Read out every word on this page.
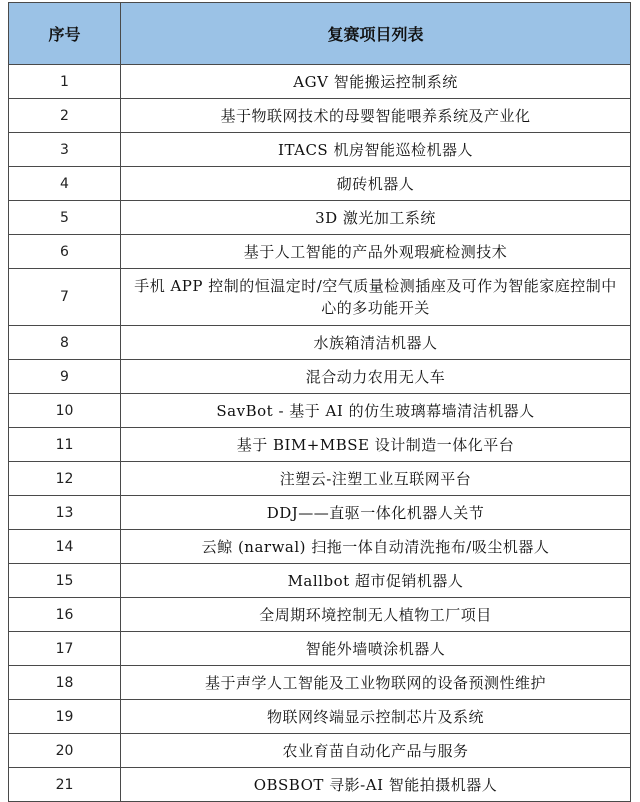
序号	复赛项目列表
1	AGV 智能搬运控制系统
2	基于物联网技术的母婴智能喂养系统及产业化
3	ITACS 机房智能巡检机器人
4	砌砖机器人
5	3D 激光加工系统
6	基于人工智能的产品外观瑕疵检测技术
7	手机 APP 控制的恒温定时/空气质量检测插座及可作为智能家庭控制中心的多功能开关
8	水族箱清洁机器人
9	混合动力农用无人车
10	SavBot - 基于 AI 的仿生玻璃幕墙清洁机器人
11	基于 BIM+MBSE 设计制造一体化平台
12	注塑云-注塑工业互联网平台
13	DDJ——直驱一体化机器人关节
14	云鲸 (narwal) 扫拖一体自动清洗拖布/吸尘机器人
15	Mallbot 超市促销机器人
16	全周期环境控制无人植物工厂项目
17	智能外墙喷涂机器人
18	基于声学人工智能及工业物联网的设备预测性维护
19	物联网终端显示控制芯片及系统
20	农业育苗自动化产品与服务
21	OBSBOT 寻影-AI 智能拍摄机器人
